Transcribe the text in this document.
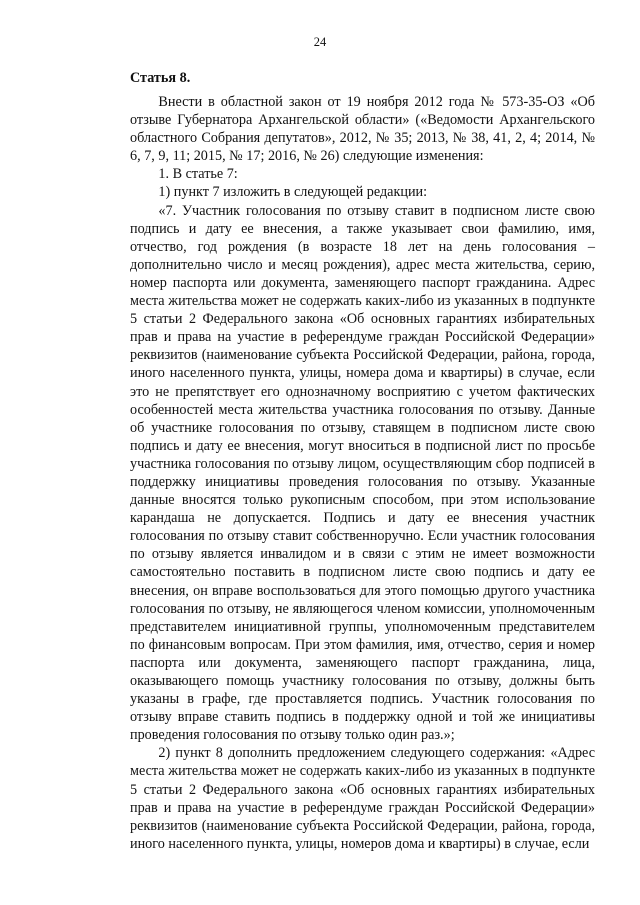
24
Статья 8.

Внести в областной закон от 19 ноября 2012 года № 573-35-ОЗ «Об отзыве Губернатора Архангельской области» («Ведомости Архангельского областного Собрания депутатов», 2012, № 35; 2013, № 38, 41, 2, 4; 2014, № 6, 7, 9, 11; 2015, № 17; 2016, № 26) следующие изменения:

1. В статье 7:

1) пункт 7 изложить в следующей редакции:

«7. Участник голосования по отзыву ставит в подписном листе свою подпись и дату ее внесения, а также указывает свои фамилию, имя, отчество, год рождения (в возрасте 18 лет на день голосования – дополнительно число и месяц рождения), адрес места жительства, серию, номер паспорта или документа, заменяющего паспорт гражданина. Адрес места жительства может не содержать каких-либо из указанных в подпункте 5 статьи 2 Федерального закона «Об основных гарантиях избирательных прав и права на участие в референдуме граждан Российской Федерации» реквизитов (наименование субъекта Российской Федерации, района, города, иного населенного пункта, улицы, номера дома и квартиры) в случае, если это не препятствует его однозначному восприятию с учетом фактических особенностей места жительства участника голосования по отзыву. Данные об участнике голосования по отзыву, ставящем в подписном листе свою подпись и дату ее внесения, могут вноситься в подписной лист по просьбе участника голосования по отзыву лицом, осуществляющим сбор подписей в поддержку инициативы проведения голосования по отзыву. Указанные данные вносятся только рукописным способом, при этом использование карандаша не допускается. Подпись и дату ее внесения участник голосования по отзыву ставит собственноручно. Если участник голосования по отзыву является инвалидом и в связи с этим не имеет возможности самостоятельно поставить в подписном листе свою подпись и дату ее внесения, он вправе воспользоваться для этого помощью другого участника голосования по отзыву, не являющегося членом комиссии, уполномоченным представителем инициативной группы, уполномоченным представителем по финансовым вопросам. При этом фамилия, имя, отчество, серия и номер паспорта или документа, заменяющего паспорт гражданина, лица, оказывающего помощь участнику голосования по отзыву, должны быть указаны в графе, где проставляется подпись. Участник голосования по отзыву вправе ставить подпись в поддержку одной и той же инициативы проведения голосования по отзыву только один раз.»;

2) пункт 8 дополнить предложением следующего содержания: «Адрес места жительства может не содержать каких-либо из указанных в подпункте 5 статьи 2 Федерального закона «Об основных гарантиях избирательных прав и права на участие в референдуме граждан Российской Федерации» реквизитов (наименование субъекта Российской Федерации, района, города, иного населенного пункта, улицы, номеров дома и квартиры) в случае, если
